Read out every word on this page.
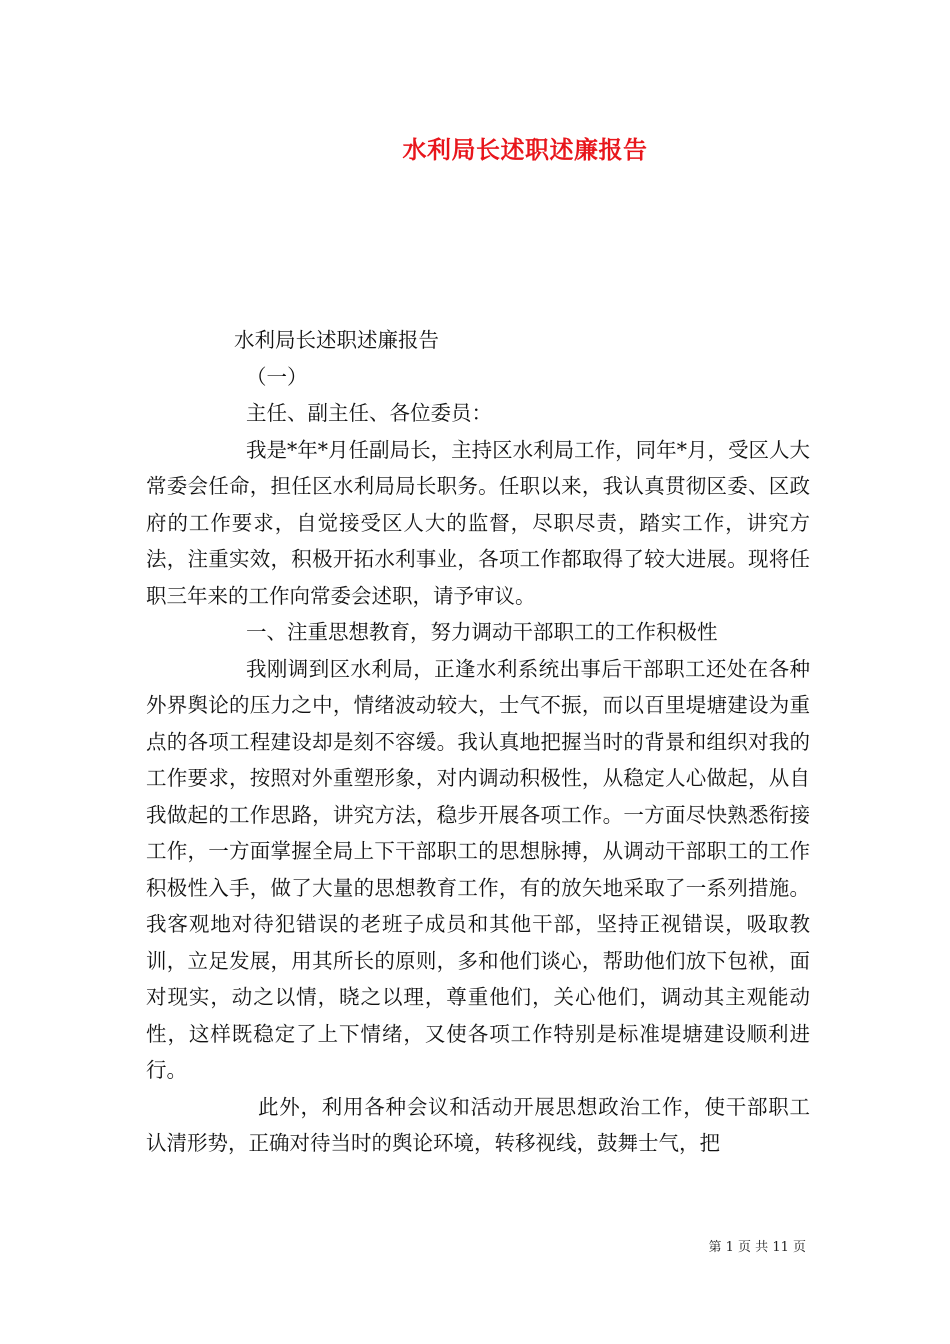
水利局长述职述廉报告

水利局长述职述廉报告

（一）

主任、副主任、各位委员：

我是*年*月任副局长，主持区水利局工作，同年*月，受区人大常委会任命，担任区水利局局长职务。任职以来，我认真贯彻区委、区政府的工作要求，自觉接受区人大的监督，尽职尽责，踏实工作，讲究方法，注重实效，积极开拓水利事业，各项工作都取得了较大进展。现将任职三年来的工作向常委会述职，请予审议。

一、注重思想教育，努力调动干部职工的工作积极性

我刚调到区水利局，正逢水利系统出事后干部职工还处在各种外界舆论的压力之中，情绪波动较大，士气不振，而以百里堤塘建设为重点的各项工程建设却是刻不容缓。我认真地把握当时的背景和组织对我的工作要求，按照对外重塑形象，对内调动积极性，从稳定人心做起，从自我做起的工作思路，讲究方法，稳步开展各项工作。一方面尽快熟悉衔接工作，一方面掌握全局上下干部职工的思想脉搏，从调动干部职工的工作积极性入手，做了大量的思想教育工作，有的放矢地采取了一系列措施。我客观地对待犯错误的老班子成员和其他干部，坚持正视错误，吸取教训，立足发展，用其所长的原则，多和他们谈心，帮助他们放下包袱，面对现实，动之以情，晓之以理，尊重他们，关心他们，调动其主观能动性，这样既稳定了上下情绪，又使各项工作特别是标准堤塘建设顺利进行。

此外，利用各种会议和活动开展思想政治工作，使干部职工认清形势，正确对待当时的舆论环境，转移视线，鼓舞士气，把

第 1 页 共 11 页
